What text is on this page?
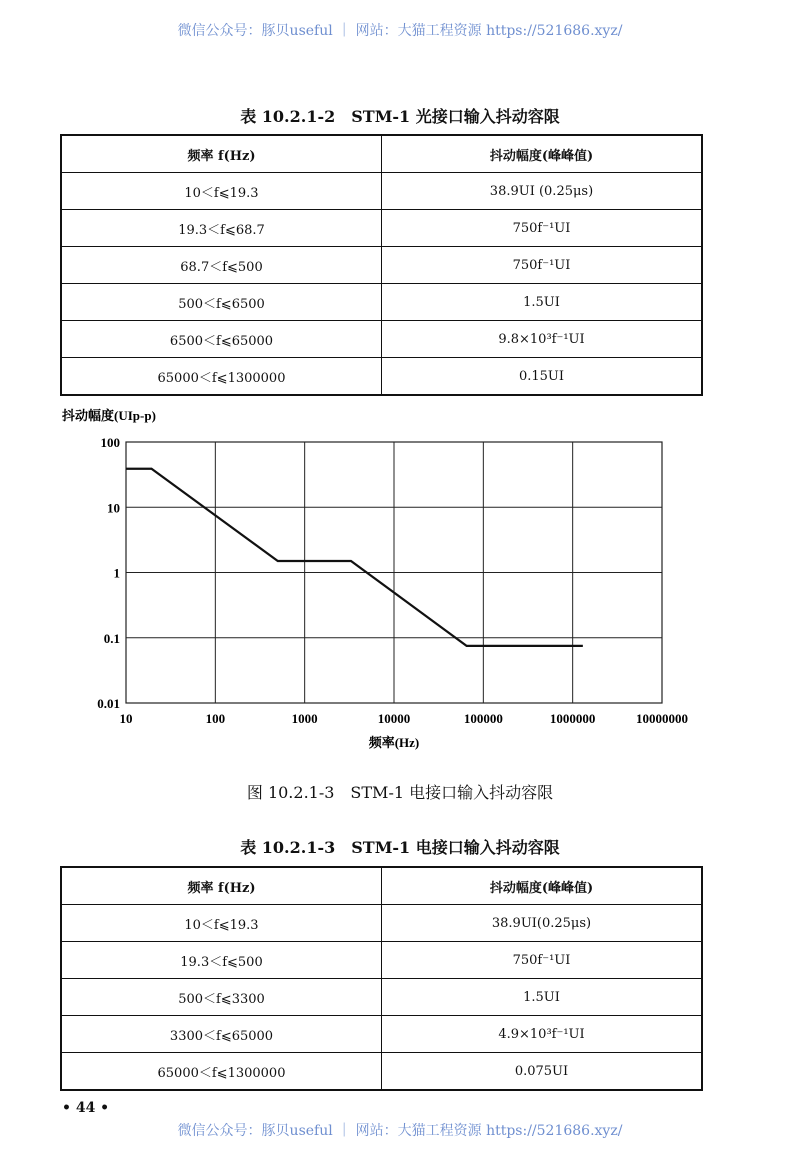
微信公众号：豚贝useful ｜ 网站：大猫工程资源 https://521686.xyz/
表 10.2.1-2　STM-1 光接口输入抖动容限
频率 f(Hz)	抖动幅度(峰峰值)
10＜f⩽19.3	38.9UI (0.25μs)
19.3＜f⩽68.7	750f⁻¹UI
68.7＜f⩽500	750f⁻¹UI
500＜f⩽6500	1.5UI
6500＜f⩽65000	9.8×10³f⁻¹UI
65000＜f⩽1300000	0.15UI
10	100	1000	10000	100000	1000000	10000000
100
10
1
0.1
0.01
抖动幅度(UIp-p)
频率(Hz)
图 10.2.1-3　STM-1 电接口输入抖动容限
表 10.2.1-3　STM-1 电接口输入抖动容限
频率 f(Hz)	抖动幅度(峰峰值)
10＜f⩽19.3	38.9UI(0.25μs)
19.3＜f⩽500	750f⁻¹UI
500＜f⩽3300	1.5UI
3300＜f⩽65000	4.9×10³f⁻¹UI
65000＜f⩽1300000	0.075UI
• 44 •
微信公众号：豚贝useful ｜ 网站：大猫工程资源 https://521686.xyz/
